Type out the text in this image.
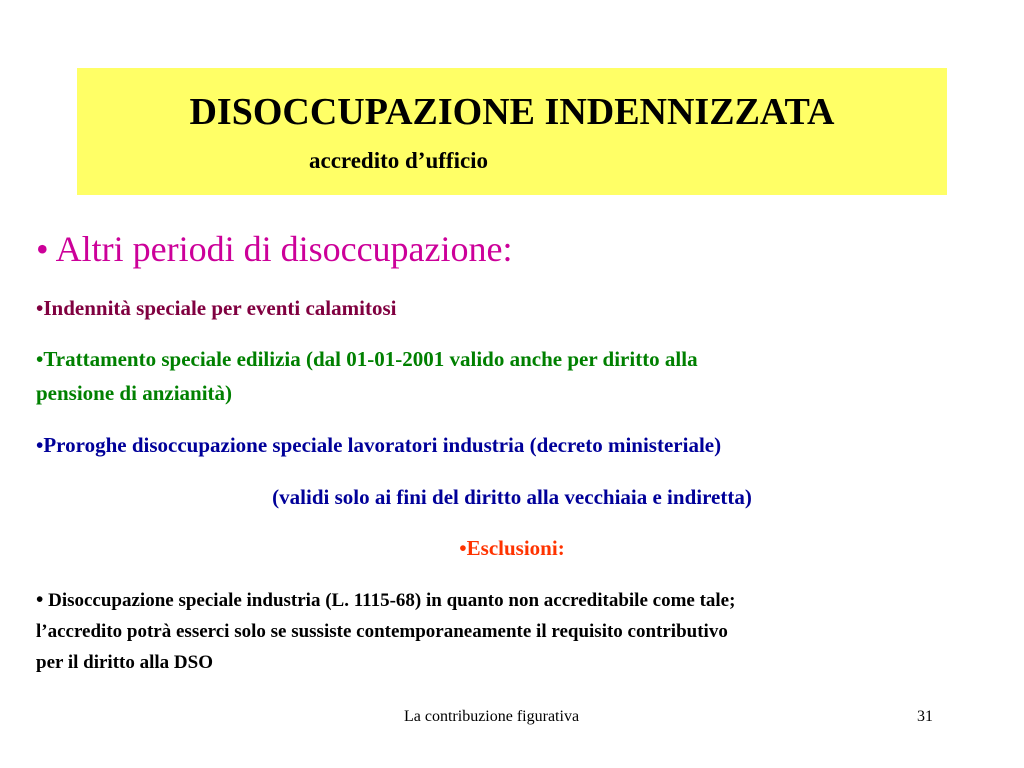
DISOCCUPAZIONE INDENNIZZATA
accredito d’ufficio
• Altri periodi di disoccupazione:
•Indennità speciale per eventi calamitosi
•Trattamento speciale edilizia (dal 01-01-2001 valido anche per diritto alla
pensione di anzianità)
•Proroghe disoccupazione speciale lavoratori industria (decreto ministeriale)
(validi solo ai fini del diritto alla vecchiaia e indiretta)
•Esclusioni:
• Disoccupazione speciale industria (L. 1115-68) in quanto non accreditabile come tale;
l’accredito potrà esserci solo se sussiste contemporaneamente il requisito contributivo
per il diritto alla DSO
La contribuzione figurativa	31
